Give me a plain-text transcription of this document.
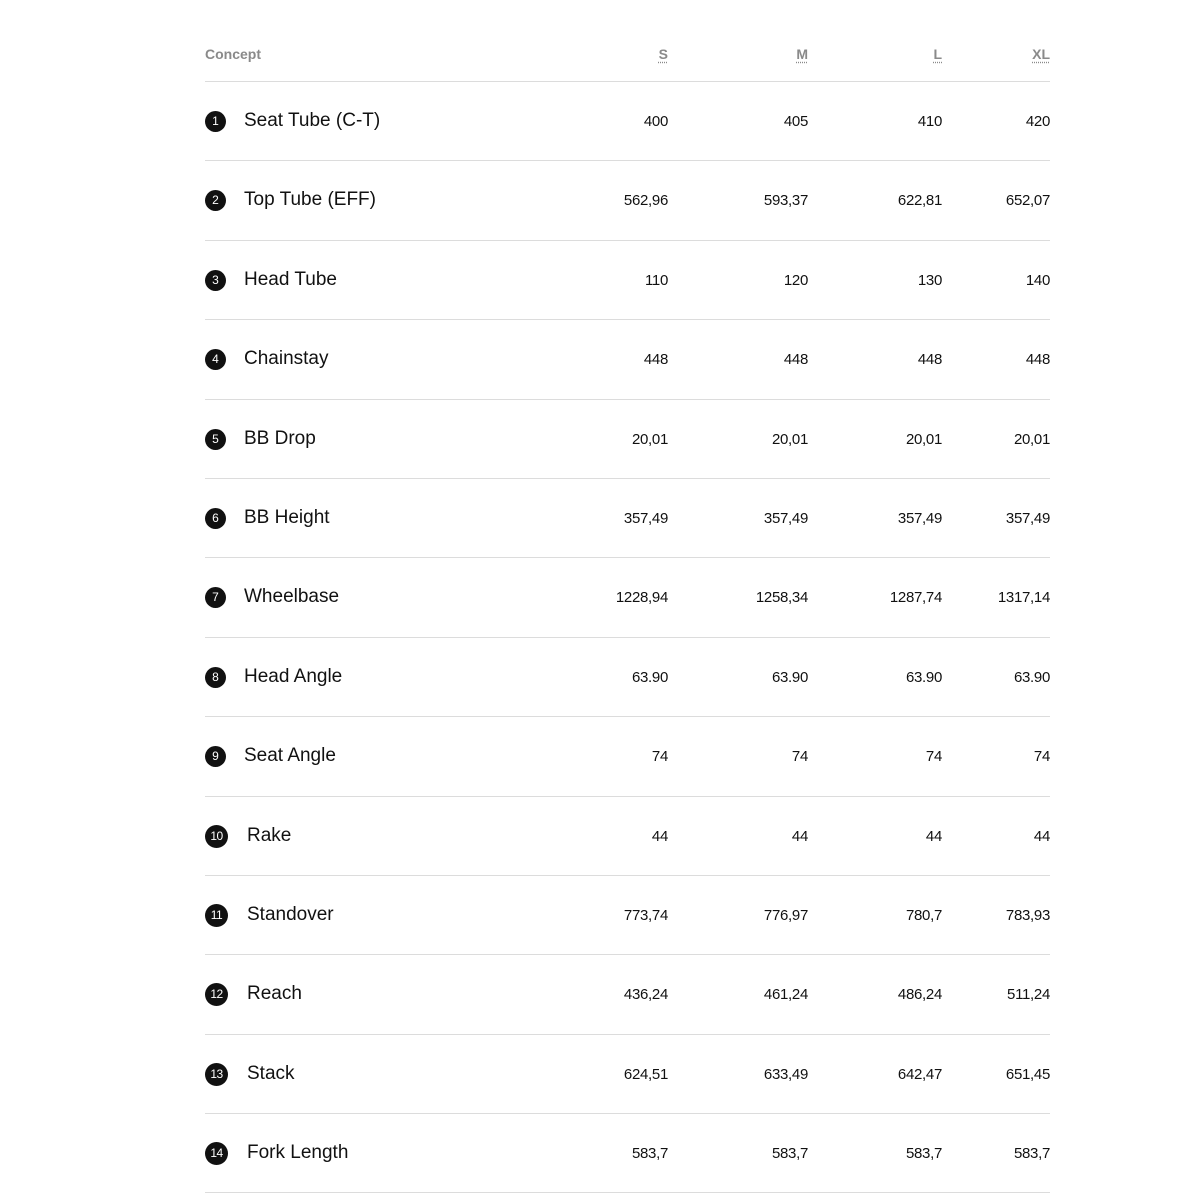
Concept	S	M	L	XL
1	Seat Tube (C-T)	400	405	410	420
2	Top Tube (EFF)	562,96	593,37	622,81	652,07
3	Head Tube	110	120	130	140
4	Chainstay	448	448	448	448
5	BB Drop	20,01	20,01	20,01	20,01
6	BB Height	357,49	357,49	357,49	357,49
7	Wheelbase	1228,94	1258,34	1287,74	1317,14
8	Head Angle	63.90	63.90	63.90	63.90
9	Seat Angle	74	74	74	74
10 Rake	44	44	44	44
11	Standover	773,74	776,97	780,7	783,93
12 Reach	436,24	461,24	486,24	511,24
13 Stack	624,51	633,49	642,47	651,45
14 Fork Length	583,7	583,7	583,7	583,7
